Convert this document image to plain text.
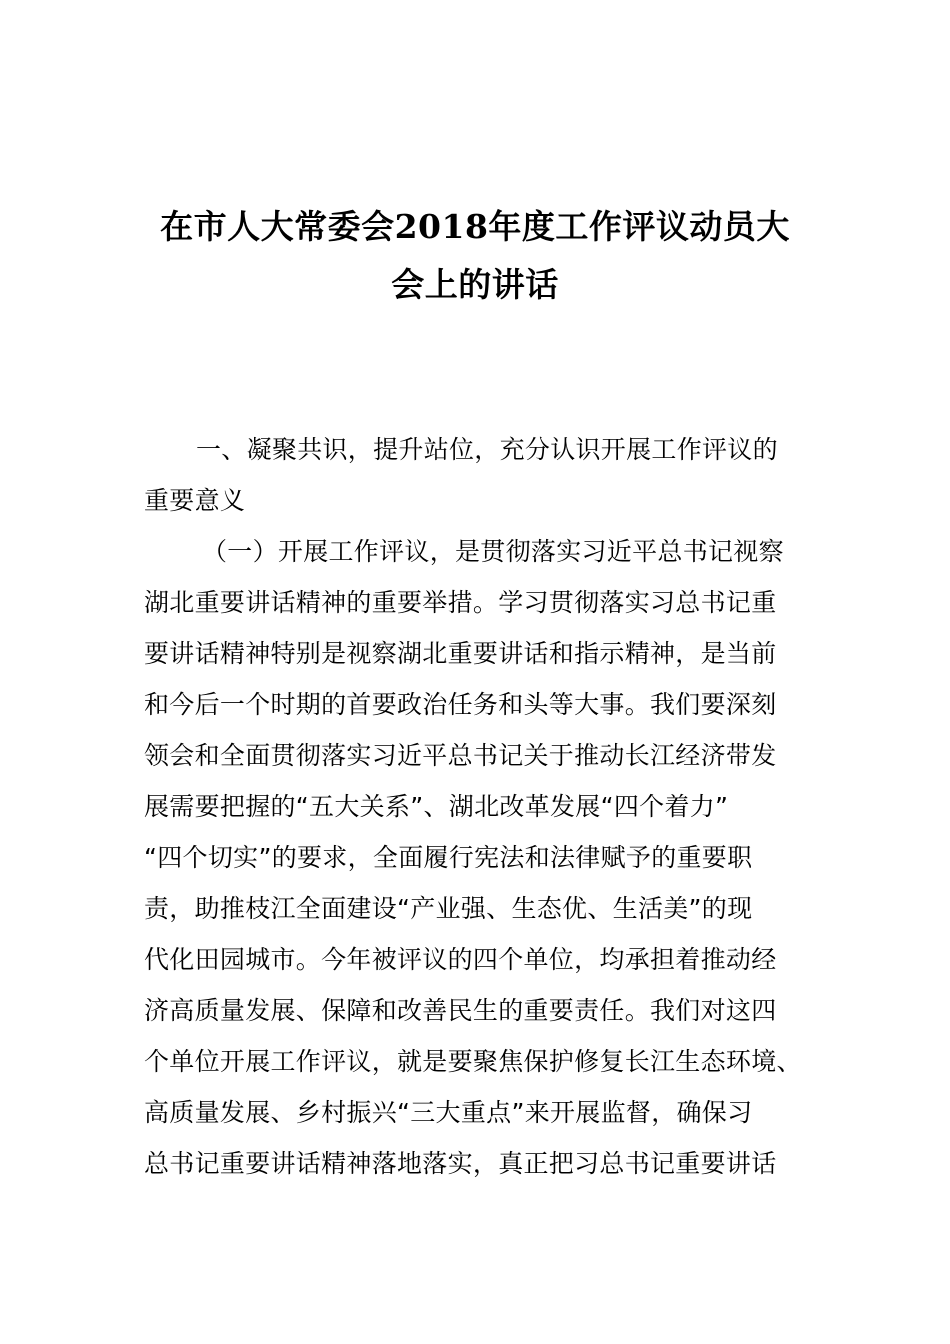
在市人大常委会2018年度工作评议动员大
会上的讲话
一、凝聚共识，提升站位，充分认识开展工作评议的
重要意义
（一）开展工作评议，是贯彻落实习近平总书记视察
湖北重要讲话精神的重要举措。学习贯彻落实习总书记重
要讲话精神特别是视察湖北重要讲话和指示精神，是当前
和今后一个时期的首要政治任务和头等大事。我们要深刻
领会和全面贯彻落实习近平总书记关于推动长江经济带发
展需要把握的“五大关系”、湖北改革发展“四个着力”
“四个切实”的要求，全面履行宪法和法律赋予的重要职
责，助推枝江全面建设“产业强、生态优、生活美”的现
代化田园城市。今年被评议的四个单位，均承担着推动经
济高质量发展、保障和改善民生的重要责任。我们对这四
个单位开展工作评议，就是要聚焦保护修复长江生态环境、
高质量发展、乡村振兴“三大重点”来开展监督，确保习
总书记重要讲话精神落地落实，真正把习总书记重要讲话
